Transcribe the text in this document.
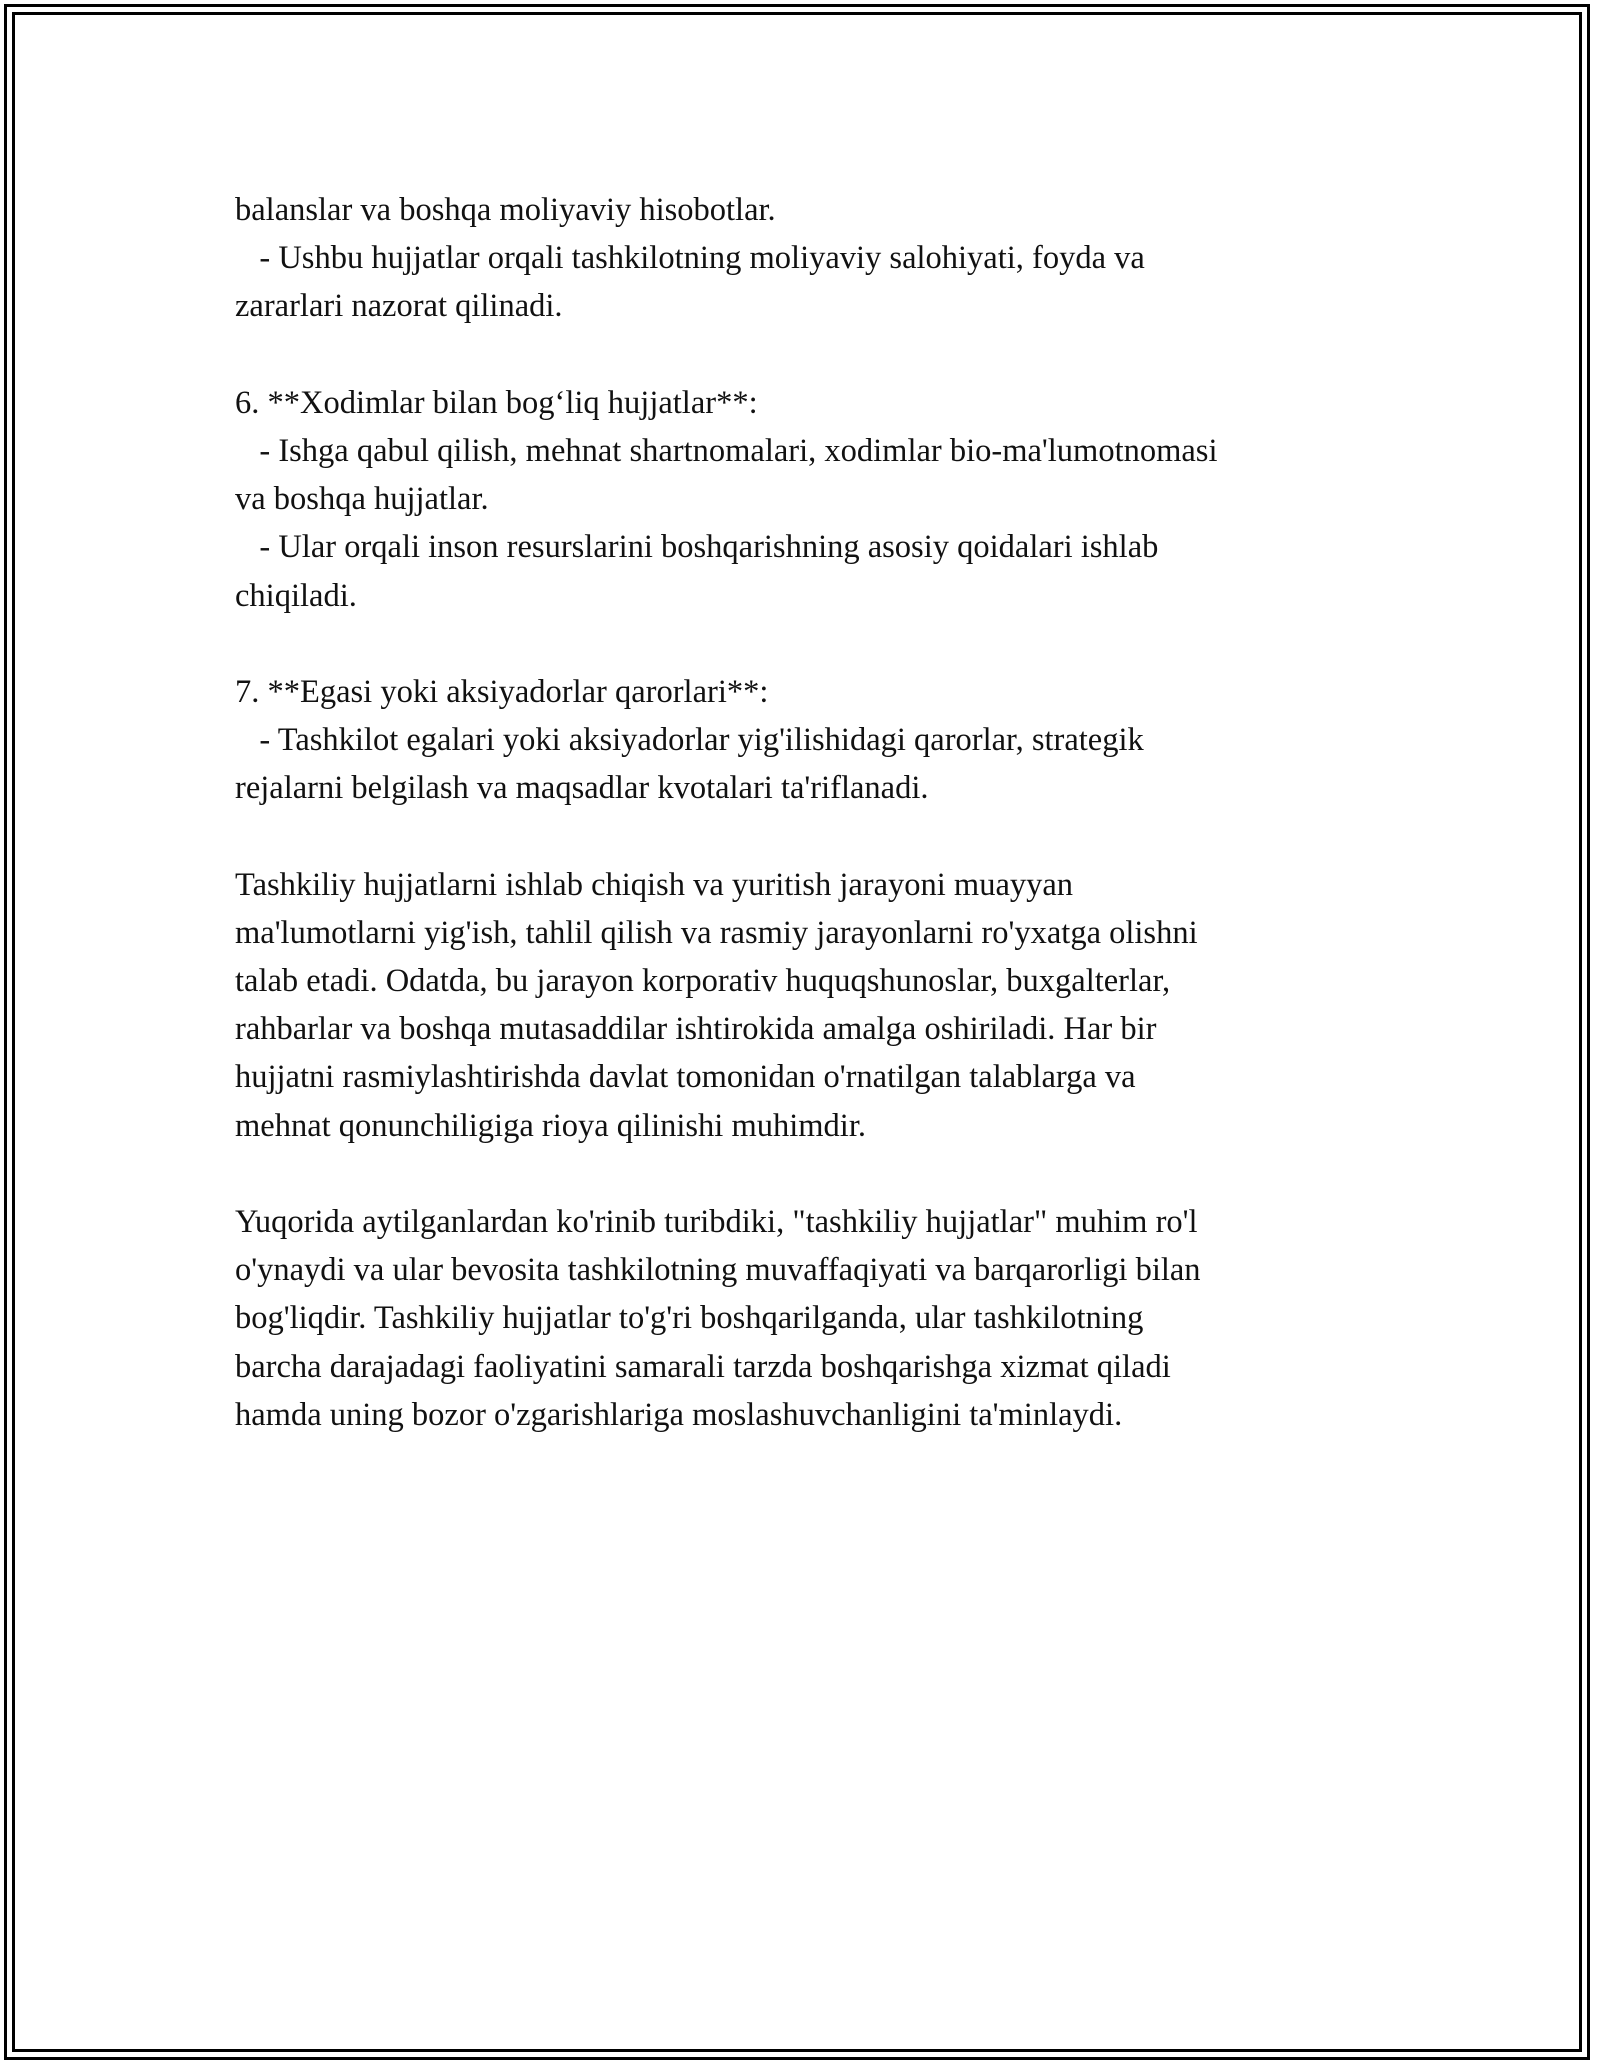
balanslar va boshqa moliyaviy hisobotlar.
- Ushbu hujjatlar orqali tashkilotning moliyaviy salohiyati, foyda va
zararlari nazorat qilinadi.
6. **Xodimlar bilan bog‘liq hujjatlar**:
- Ishga qabul qilish, mehnat shartnomalari, xodimlar bio-ma'lumotnomasi
va boshqa hujjatlar.
- Ular orqali inson resurslarini boshqarishning asosiy qoidalari ishlab
chiqiladi.
7. **Egasi yoki aksiyadorlar qarorlari**:
- Tashkilot egalari yoki aksiyadorlar yig'ilishidagi qarorlar, strategik
rejalarni belgilash va maqsadlar kvotalari ta'riflanadi.
Tashkiliy hujjatlarni ishlab chiqish va yuritish jarayoni muayyan
ma'lumotlarni yig'ish, tahlil qilish va rasmiy jarayonlarni ro'yxatga olishni
talab etadi. Odatda, bu jarayon korporativ huquqshunoslar, buxgalterlar,
rahbarlar va boshqa mutasaddilar ishtirokida amalga oshiriladi. Har bir
hujjatni rasmiylashtirishda davlat tomonidan o'rnatilgan talablarga va
mehnat qonunchiligiga rioya qilinishi muhimdir.
Yuqorida aytilganlardan ko'rinib turibdiki, "tashkiliy hujjatlar" muhim ro'l
o'ynaydi va ular bevosita tashkilotning muvaffaqiyati va barqarorligi bilan
bog'liqdir. Tashkiliy hujjatlar to'g'ri boshqarilganda, ular tashkilotning
barcha darajadagi faoliyatini samarali tarzda boshqarishga xizmat qiladi
hamda uning bozor o'zgarishlariga moslashuvchanligini ta'minlaydi.
